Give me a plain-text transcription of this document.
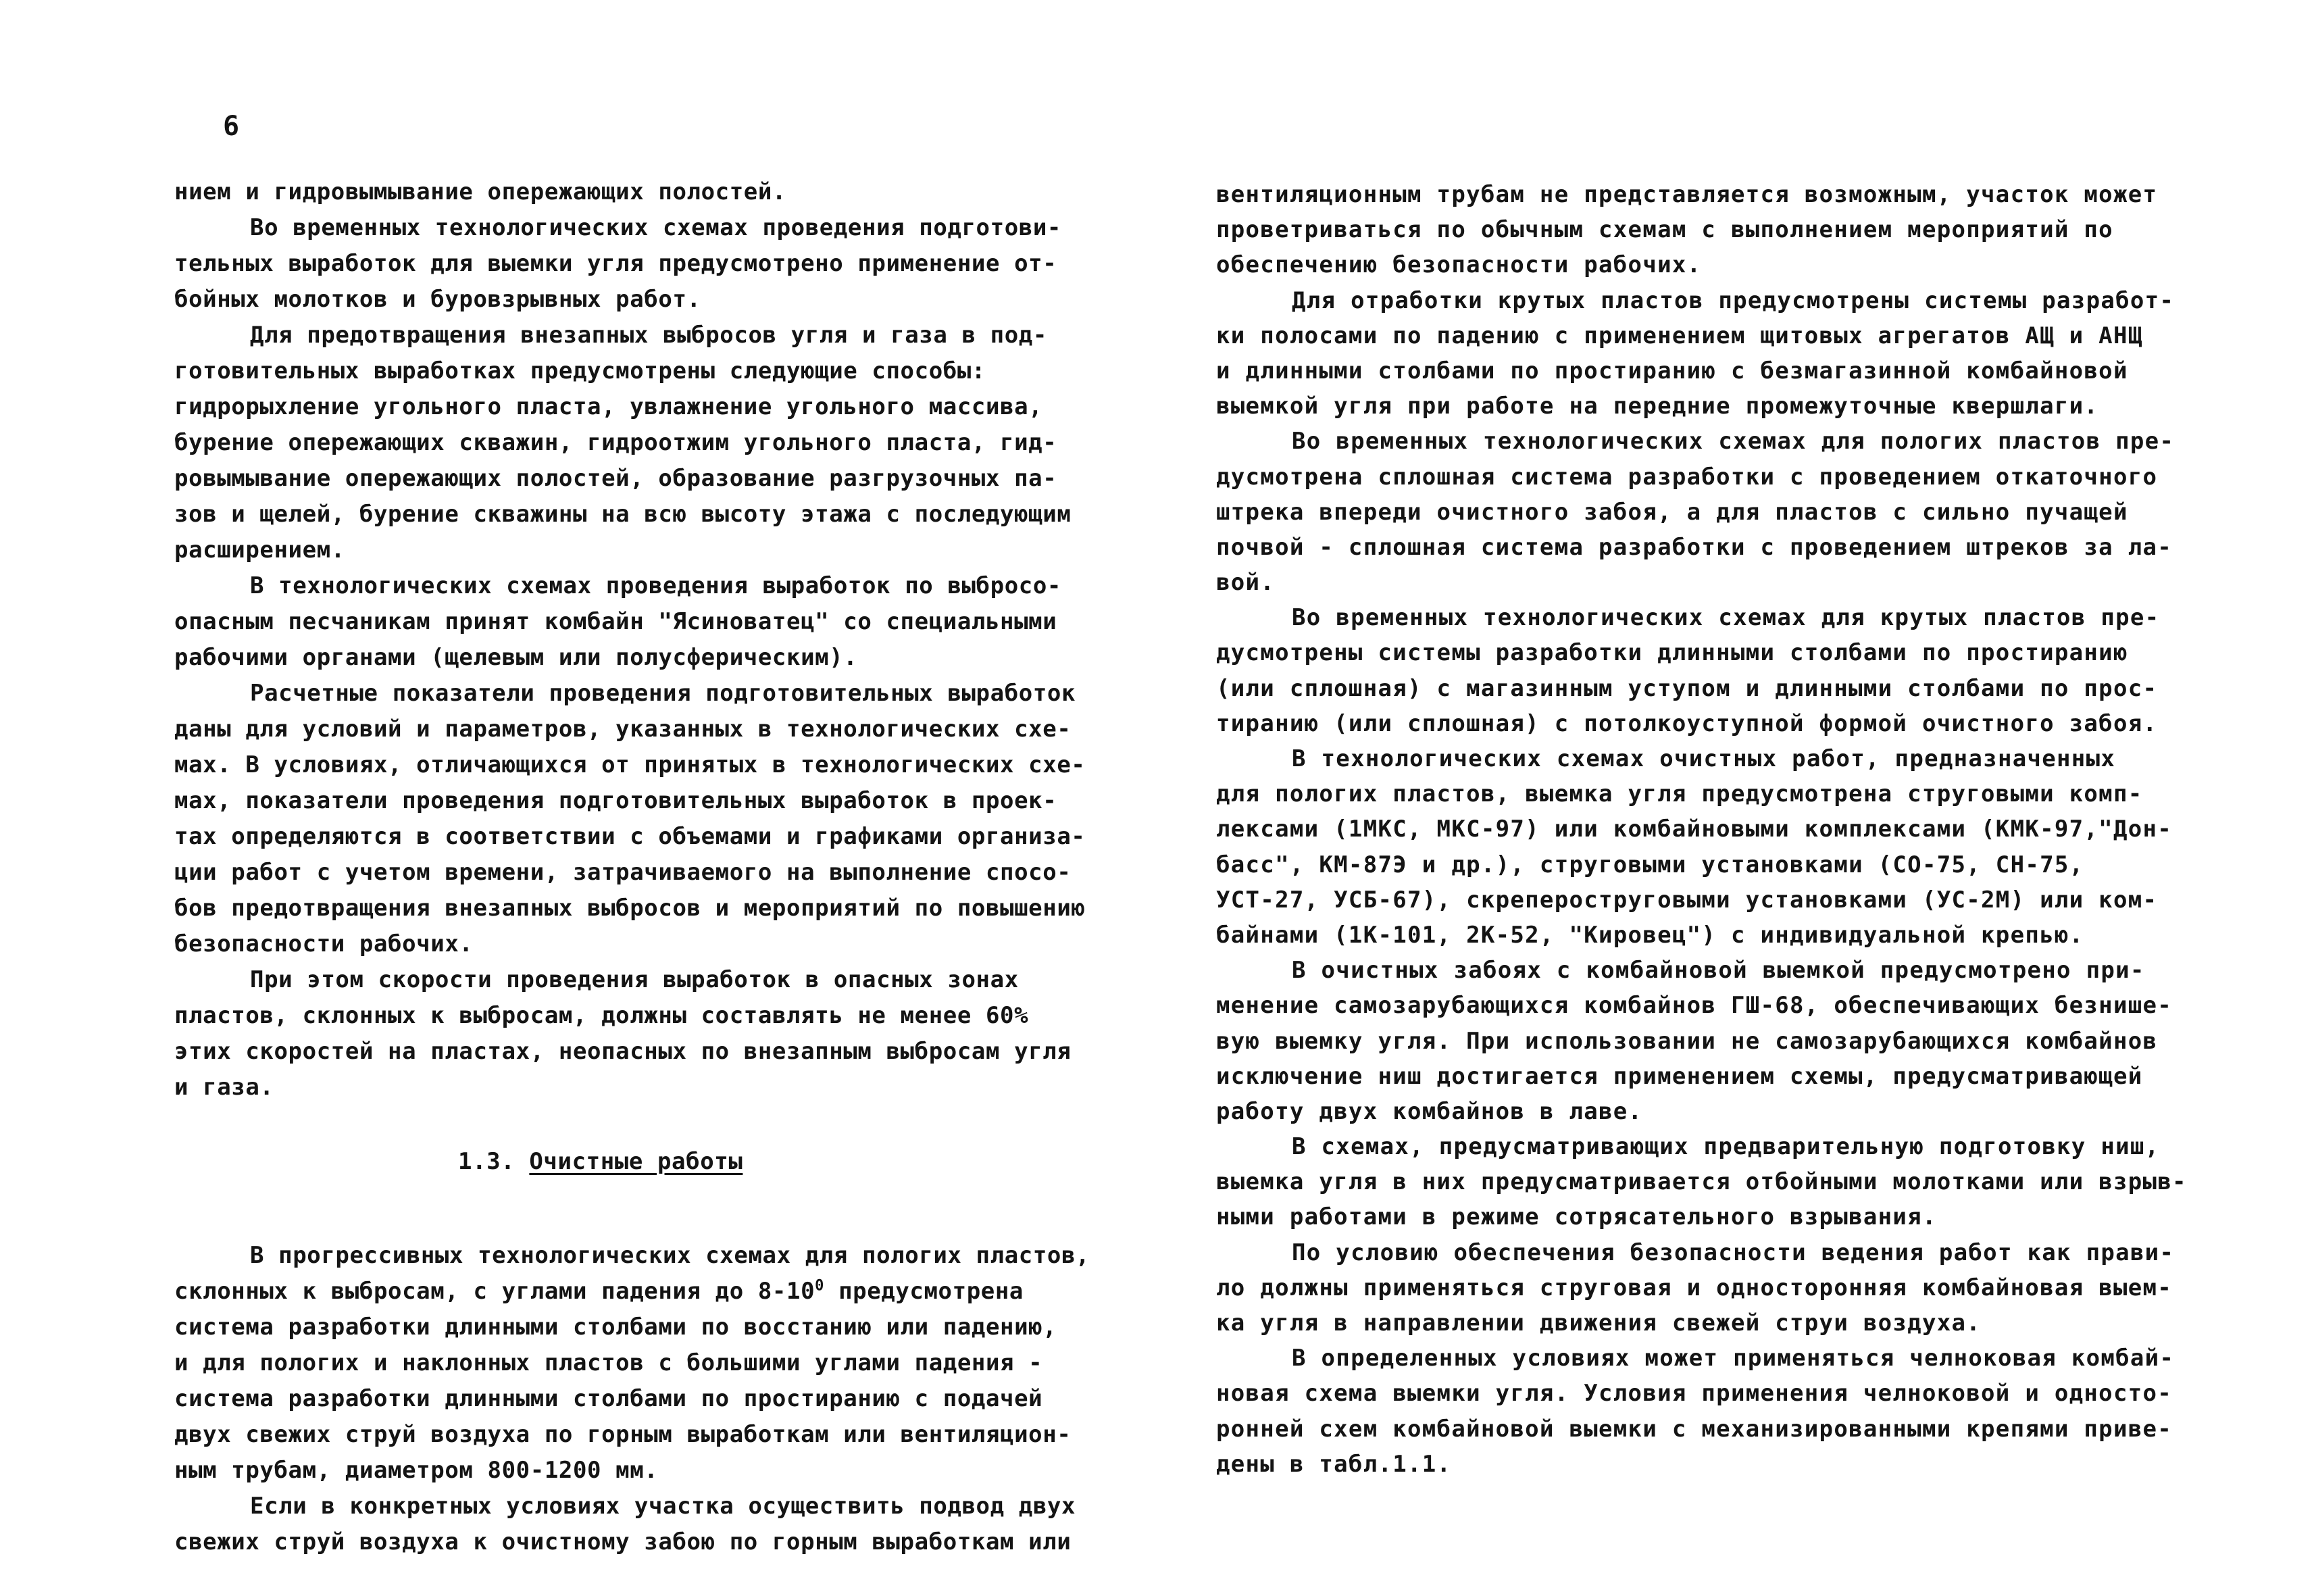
6
нием и гидровымывание опережающих полостей.
Во временных технологических схемах проведения подготови-
тельных выработок для выемки угля предусмотрено применение от-
бойных молотков и буровзрывных работ.
Для предотвращения внезапных выбросов угля и газа в под-
готовительных выработках предусмотрены следующие способы:
гидрорыхление угольного пласта, увлажнение угольного массива,
бурение опережающих скважин, гидроотжим угольного пласта, гид-
ровымывание опережающих полостей, образование разгрузочных па-
зов и щелей, бурение скважины на всю высоту этажа с последующим
расширением.
В технологических схемах проведения выработок по выбросо-
опасным песчаникам принят комбайн "Ясиноватец" со специальными
рабочими органами (щелевым или полусферическим).
Расчетные показатели проведения подготовительных выработок
даны для условий и параметров, указанных в технологических схе-
мах. В условиях, отличающихся от принятых в технологических схе-
мах, показатели проведения подготовительных выработок в проек-
тах определяются в соответствии с объемами и графиками организа-
ции работ с учетом времени, затрачиваемого на выполнение спосо-
бов предотвращения внезапных выбросов и мероприятий по повышению
безопасности рабочих.
При этом скорости проведения выработок в опасных зонах
пластов, склонных к выбросам, должны составлять не менее 60%
этих скоростей на пластах, неопасных по внезапным выбросам угля
и газа.
1.3. Очистные работы
В прогрессивных технологических схемах для пологих пластов,
склонных к выбросам, с углами падения до $8-10^0$ предусмотрена
система разработки длинными столбами по восстанию или падению,
и для пологих и наклонных пластов с большими углами падения -
система разработки длинными столбами по простиранию с подачей
двух свежих струй воздуха по горным выработкам или вентиляцион-
ным трубам, диаметром 800-1200 мм.
Если в конкретных условиях участка осуществить подвод двух
свежих струй воздуха к очистному забою по горным выработкам или
вентиляционным трубам не представляется возможным, участок может
проветриваться по обычным схемам с выполнением мероприятий по
обеспечению безопасности рабочих.
Для отработки крутых пластов предусмотрены системы разработ-
ки полосами по падению с применением щитовых агрегатов АЩ и АНЩ
и длинными столбами по простиранию с безмагазинной комбайновой
выемкой угля при работе на передние промежуточные квершлаги.
Во временных технологических схемах для пологих пластов пре-
дусмотрена сплошная система разработки с проведением откаточного
штрека впереди очистного забоя, а для пластов с сильно пучащей
почвой - сплошная система разработки с проведением штреков за ла-
вой.
Во временных технологических схемах для крутых пластов пре-
дусмотрены системы разработки длинными столбами по простиранию
(или сплошная) с магазинным уступом и длинными столбами по прос-
тиранию (или сплошная) с потолкоуступной формой очистного забоя.
В технологических схемах очистных работ, предназначенных
для пологих пластов, выемка угля предусмотрена струговыми комп-
лексами (1МКС, МКС-97) или комбайновыми комплексами (КМК-97,"Дон-
басс", КМ-87Э и др.), струговыми установками (СО-75, СН-75,
УСТ-27, УСБ-67), скрепероструговыми установками (УС-2М) или ком-
байнами (1К-101, 2К-52, "Кировец") с индивидуальной крепью.
В очистных забоях с комбайновой выемкой предусмотрено при-
менение самозарубающихся комбайнов ГШ-68, обеспечивающих безнише-
вую выемку угля. При использовании не самозарубающихся комбайнов
исключение ниш достигается применением схемы, предусматривающей
работу двух комбайнов в лаве.
В схемах, предусматривающих предварительную подготовку ниш,
выемка угля в них предусматривается отбойными молотками или взрыв-
ными работами в режиме сотрясательного взрывания.
По условию обеспечения безопасности ведения работ как прави-
ло должны применяться струговая и односторонняя комбайновая выем-
ка угля в направлении движения свежей струи воздуха.
В определенных условиях может применяться челноковая комбай-
новая схема выемки угля. Условия применения челноковой и односто-
ронней схем комбайновой выемки с механизированными крепями приве-
дены в табл.1.1.
